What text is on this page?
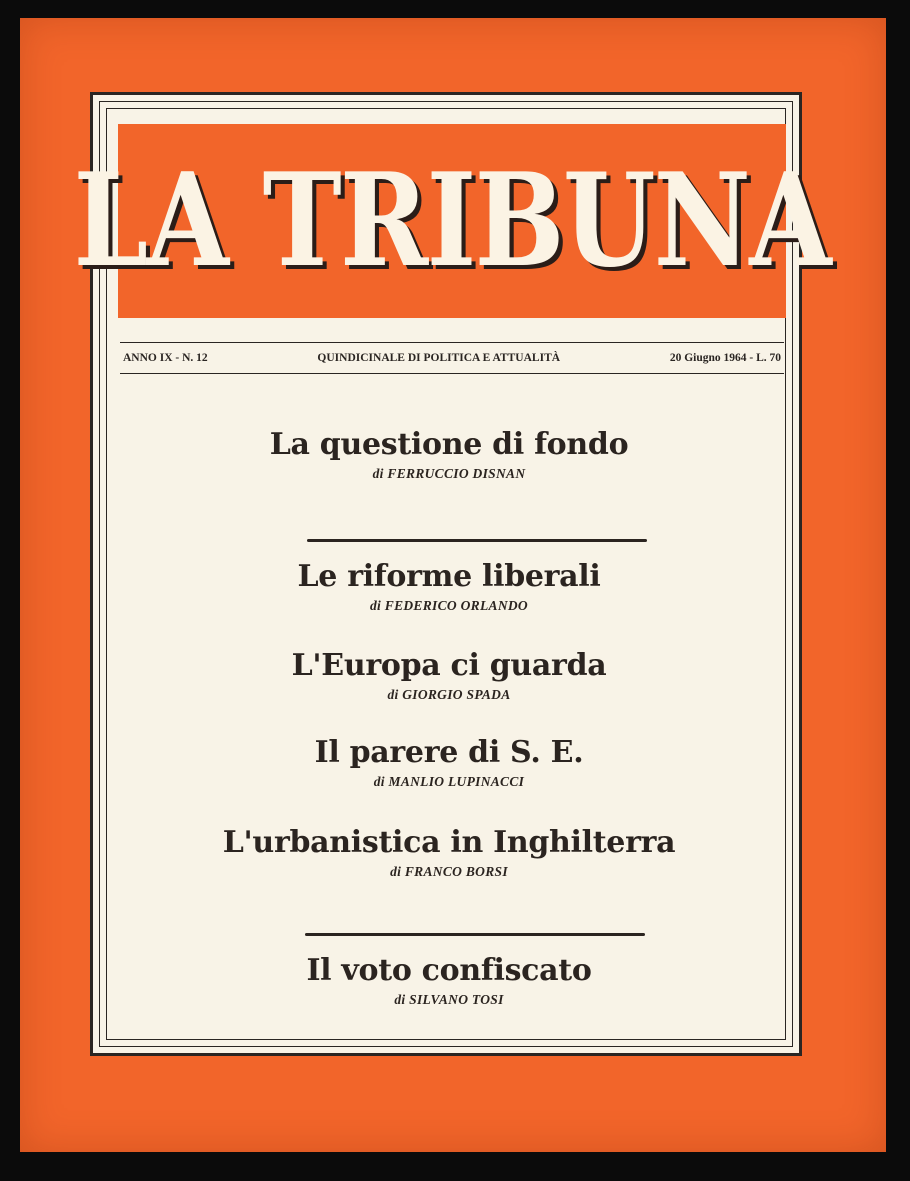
LA TRIBUNA
ANNO IX - N. 12	QUINDICINALE DI POLITICA E ATTUALITÀ	20 Giugno 1964 - L. 70
La questione di fondo
di FERRUCCIO DISNAN
Le riforme liberali
di FEDERICO ORLANDO
L'Europa ci guarda
di GIORGIO SPADA
Il parere di S. E.
di MANLIO LUPINACCI
L'urbanistica in Inghilterra
di FRANCO BORSI
Il voto confiscato
di SILVANO TOSI
